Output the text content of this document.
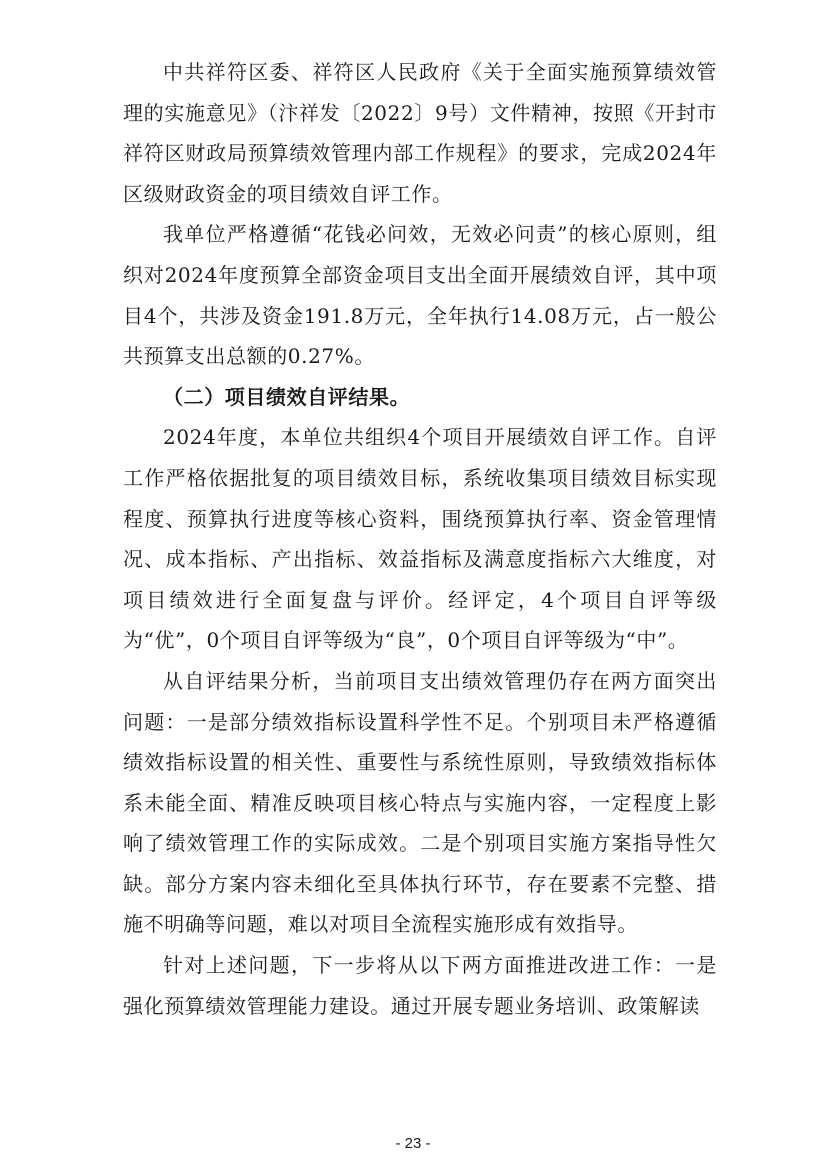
中共祥符区委、祥符区人民政府《关于全面实施预算绩效管理的实施意见》（汴祥发〔2022〕9号）文件精神，按照《开封市祥符区财政局预算绩效管理内部工作规程》的要求，完成2024年区级财政资金的项目绩效自评工作。

我单位严格遵循“花钱必问效，无效必问责”的核心原则，组织对2024年度预算全部资金项目支出全面开展绩效自评，其中项目4个，共涉及资金191.8万元，全年执行14.08万元，占一般公共预算支出总额的0.27%。

（二）项目绩效自评结果。

2024年度，本单位共组织4个项目开展绩效自评工作。自评工作严格依据批复的项目绩效目标，系统收集项目绩效目标实现程度、预算执行进度等核心资料，围绕预算执行率、资金管理情况、成本指标、产出指标、效益指标及满意度指标六大维度，对项目绩效进行全面复盘与评价。经评定，4个项目自评等级为“优”，0个项目自评等级为“良”，0个项目自评等级为“中”。

从自评结果分析，当前项目支出绩效管理仍存在两方面突出问题：一是部分绩效指标设置科学性不足。个别项目未严格遵循绩效指标设置的相关性、重要性与系统性原则，导致绩效指标体系未能全面、精准反映项目核心特点与实施内容，一定程度上影响了绩效管理工作的实际成效。二是个别项目实施方案指导性欠缺。部分方案内容未细化至具体执行环节，存在要素不完整、措施不明确等问题，难以对项目全流程实施形成有效指导。

针对上述问题，下一步将从以下两方面推进改进工作：一是强化预算绩效管理能力建设。通过开展专题业务培训、政策解读

- 23 -
